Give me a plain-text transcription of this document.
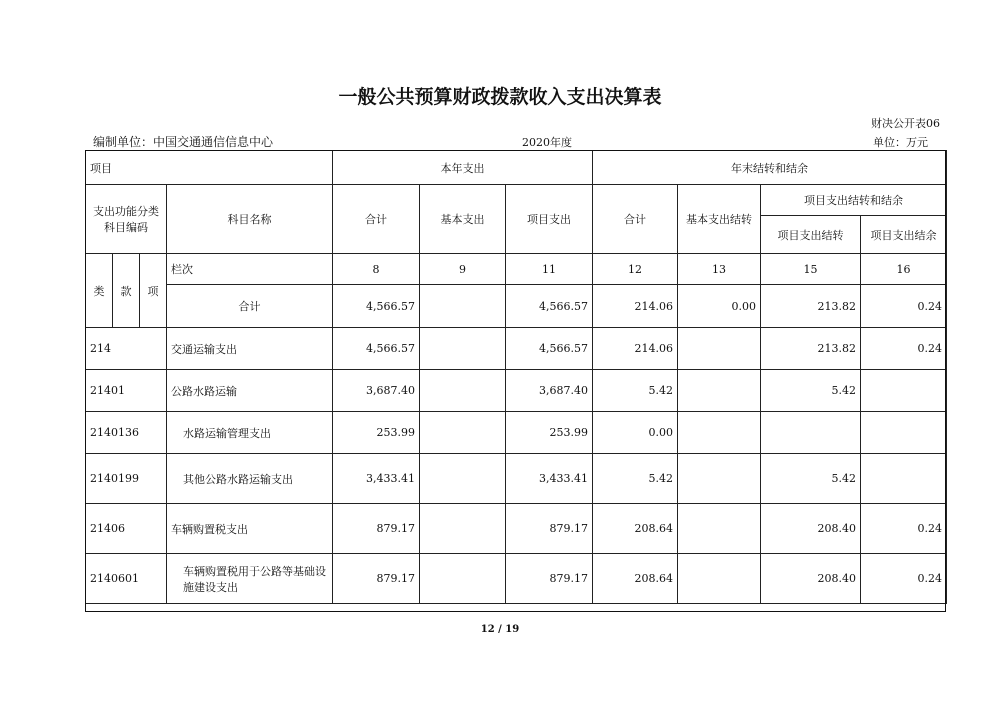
一般公共预算财政拨款收入支出决算表
财决公开表06
编制单位：中国交通通信信息中心	2020年度	单位：万元
项目				本年支出			年末结转和结余			
支出功能分类科目编码			科目名称	合计	基本支出	项目支出	合计	基本支出结转	项目支出结转和结余	
									项目支出结转	项目支出结余
类	款	项	栏次	8	9	11	12	13	15	16
			合计	4,566.57		4,566.57	214.06	0.00	213.82	0.24
214			交通运输支出	4,566.57		4,566.57	214.06		213.82	0.24
21401			公路水路运输	3,687.40		3,687.40	5.42		5.42	
2140136			水路运输管理支出	253.99		253.99	0.00			
2140199			其他公路水路运输支出	3,433.41		3,433.41	5.42		5.42	
21406			车辆购置税支出	879.17		879.17	208.64		208.40	0.24
2140601			车辆购置税用于公路等基础设施建设支出	879.17		879.17	208.64		208.40	0.24
12 / 19
